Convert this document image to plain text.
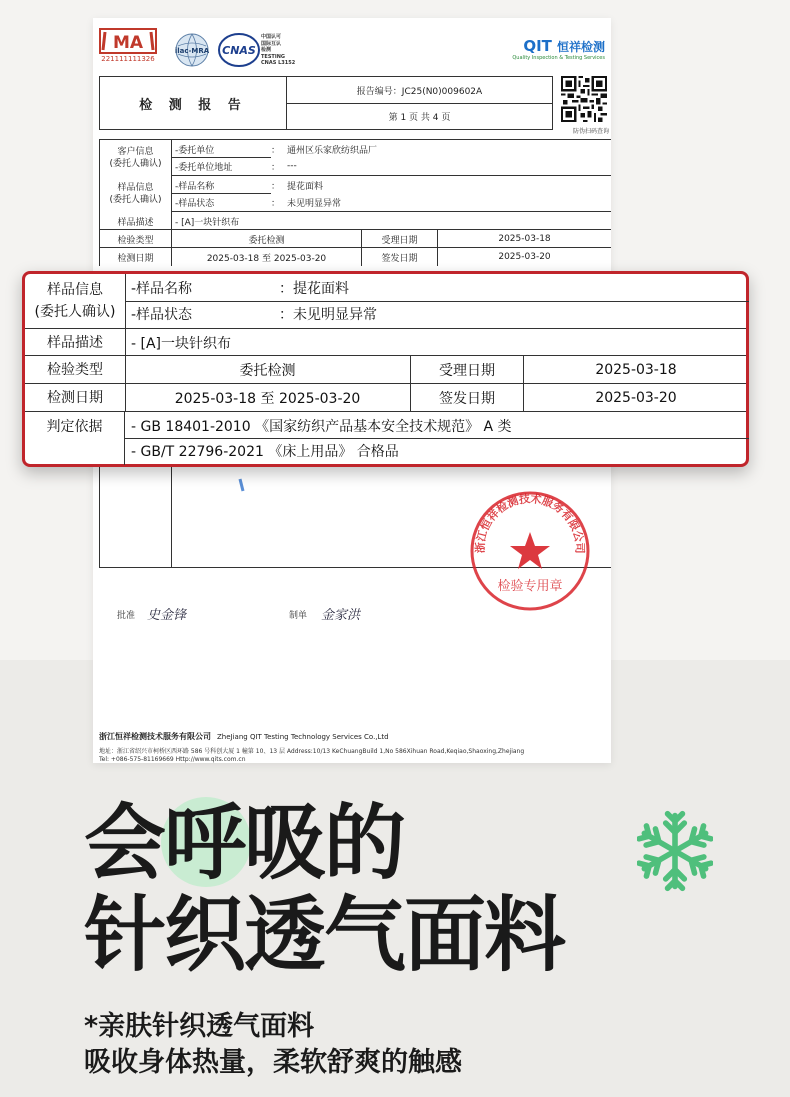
MA
221111111326
ilac-MRA CNAS
中国认可
国际互认
检测
TESTING
CNAS L3152
QIT 恒祥检测
Quality Inspection & Testing Services
检 测 报 告
报告编号：JC25(N0)009602A
第 1 页 共 4 页
防伪扫码查询
客户信息
(委托人确认)
-委托单位	： 通州区乐家欣纺织品厂
-委托单位地址	： ---
样品信息
(委托人确认)
-样品名称	： 提花面料
-样品状态	： 未见明显异常
样品描述	- [A]一块针织布
检验类型	委托检测	受理日期	2025-03-18
检测日期	2025-03-18 至 2025-03-20	签发日期	2025-03-20
浙江恒祥检测技术服务有限公司
检验专用章
批准 史金锋	制单 金家洪
浙江恒祥检测技术服务有限公司 ZheJiang QIT Testing Technology Services Co.,Ltd
地址：浙江省绍兴市柯桥区西环路 586 号科创大厦 1 幢第 10、13 层 Address:10/13 KeChuangBuild 1,No 586Xihuan Road,Keqiao,Shaoxing,Zhejiang
Tel: +086-575-81169669 Http://www.qits.com.cn
样品信息
(委托人确认)
-样品名称	： 提花面料
-样品状态	： 未见明显异常
样品描述	- [A]一块针织布
检验类型	委托检测	受理日期	2025-03-18
检测日期	2025-03-18 至 2025-03-20	签发日期	2025-03-20
判定依据	- GB 18401-2010 《国家纺织产品基本安全技术规范》 A 类
- GB/T 22796-2021 《床上用品》 合格品
会呼吸的
针织透气面料
*亲肤针织透气面料
吸收身体热量，柔软舒爽的触感
